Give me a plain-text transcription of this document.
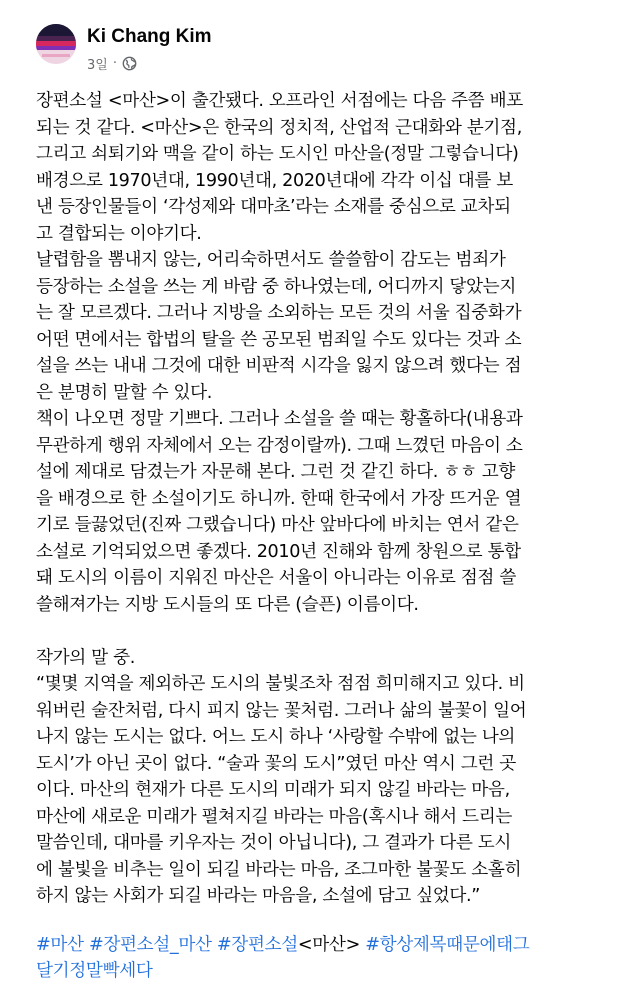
Ki Chang Kim
3일 ·
장편소설 <마산>이 출간됐다. 오프라인 서점에는 다음 주쯤 배포
되는 것 같다. <마산>은 한국의 정치적, 산업적 근대화와 분기점,
그리고 쇠퇴기와 맥을 같이 하는 도시인 마산을(정말 그렇습니다)
배경으로 1970년대, 1990년대, 2020년대에 각각 이십 대를 보
낸 등장인물들이 ‘각성제와 대마초’라는 소재를 중심으로 교차되
고 결합되는 이야기다.
날렵함을 뽐내지 않는, 어리숙하면서도 쓸쓸함이 감도는 범죄가
등장하는 소설을 쓰는 게 바람 중 하나였는데, 어디까지 닿았는지
는 잘 모르겠다. 그러나 지방을 소외하는 모든 것의 서울 집중화가
어떤 면에서는 합법의 탈을 쓴 공모된 범죄일 수도 있다는 것과 소
설을 쓰는 내내 그것에 대한 비판적 시각을 잃지 않으려 했다는 점
은 분명히 말할 수 있다.
책이 나오면 정말 기쁘다. 그러나 소설을 쓸 때는 황홀하다(내용과
무관하게 행위 자체에서 오는 감정이랄까). 그때 느꼈던 마음이 소
설에 제대로 담겼는가 자문해 본다. 그런 것 같긴 하다. ㅎㅎ 고향
을 배경으로 한 소설이기도 하니까. 한때 한국에서 가장 뜨거운 열
기로 들끓었던(진짜 그랬습니다) 마산 앞바다에 바치는 연서 같은
소설로 기억되었으면 좋겠다. 2010년 진해와 함께 창원으로 통합
돼 도시의 이름이 지워진 마산은 서울이 아니라는 이유로 점점 쓸
쓸해져가는 지방 도시들의 또 다른 (슬픈) 이름이다.
작가의 말 중.
“몇몇 지역을 제외하곤 도시의 불빛조차 점점 희미해지고 있다. 비
워버린 술잔처럼, 다시 피지 않는 꽃처럼. 그러나 삶의 불꽃이 일어
나지 않는 도시는 없다. 어느 도시 하나 ‘사랑할 수밖에 없는 나의
도시’가 아닌 곳이 없다. “술과 꽃의 도시”였던 마산 역시 그런 곳
이다. 마산의 현재가 다른 도시의 미래가 되지 않길 바라는 마음,
마산에 새로운 미래가 펼쳐지길 바라는 마음(혹시나 해서 드리는
말씀인데, 대마를 키우자는 것이 아닙니다), 그 결과가 다른 도시
에 불빛을 비추는 일이 되길 바라는 마음, 조그마한 불꽃도 소홀히
하지 않는 사회가 되길 바라는 마음을, 소설에 담고 싶었다.”
#마산 #장편소설_마산 #장편소설<마산> #항상제목때문에태그
달기정말빡세다
